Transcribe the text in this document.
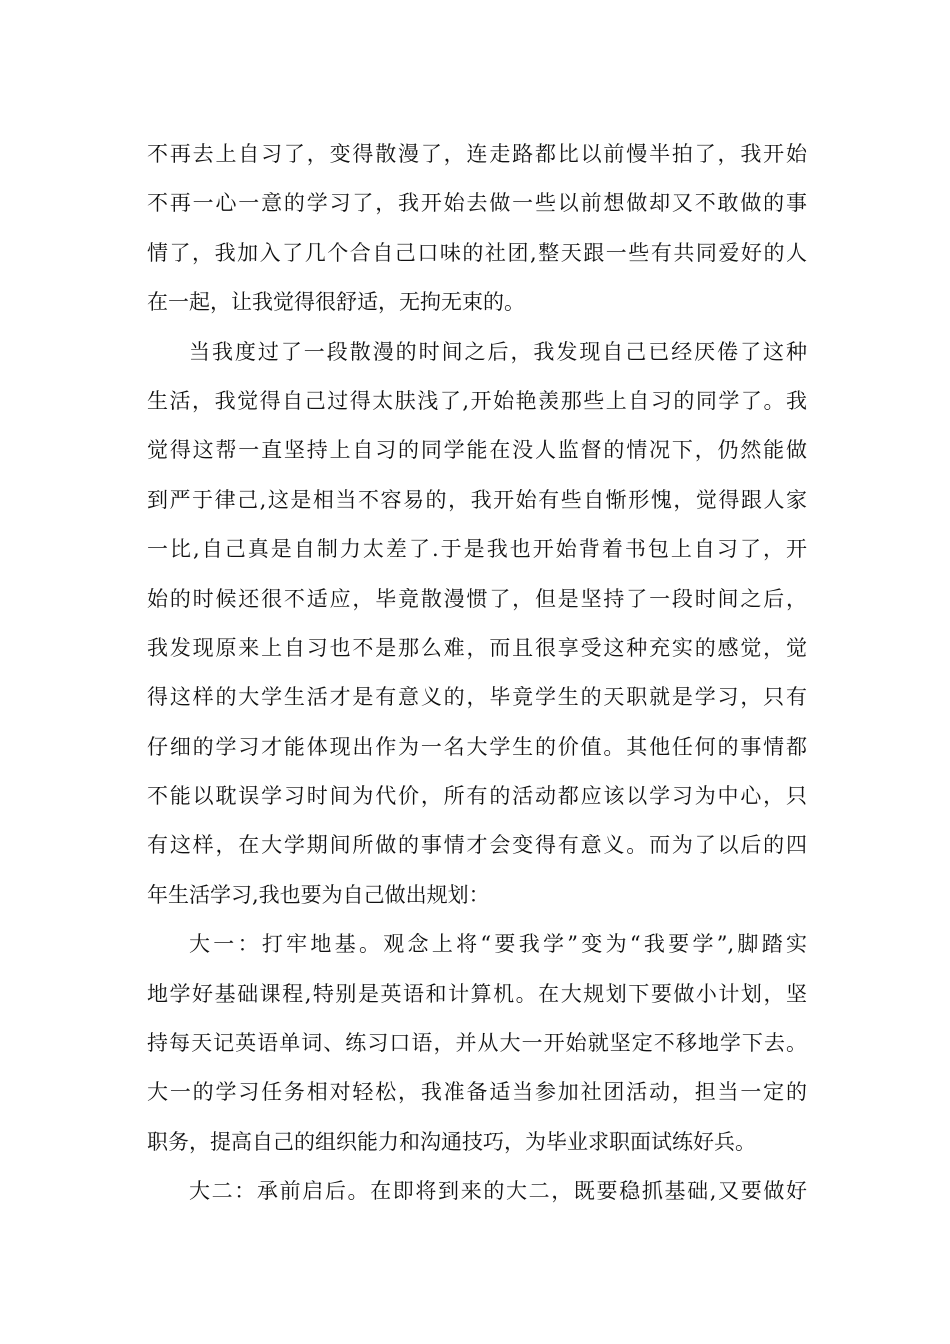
不再去上自习了，变得散漫了，连走路都比以前慢半拍了，我开始
不再一心一意的学习了，我开始去做一些以前想做却又不敢做的事
情了，我加入了几个合自己口味的社团,整天跟一些有共同爱好的人
在一起，让我觉得很舒适，无拘无束的。
当我度过了一段散漫的时间之后，我发现自己已经厌倦了这种
生活，我觉得自己过得太肤浅了,开始艳羡那些上自习的同学了。我
觉得这帮一直坚持上自习的同学能在没人监督的情况下，仍然能做
到严于律己,这是相当不容易的，我开始有些自惭形愧，觉得跟人家
一比,自己真是自制力太差了.于是我也开始背着书包上自习了，开
始的时候还很不适应，毕竟散漫惯了，但是坚持了一段时间之后，
我发现原来上自习也不是那么难，而且很享受这种充实的感觉，觉
得这样的大学生活才是有意义的，毕竟学生的天职就是学习，只有
仔细的学习才能体现出作为一名大学生的价值。其他任何的事情都
不能以耽误学习时间为代价，所有的活动都应该以学习为中心，只
有这样，在大学期间所做的事情才会变得有意义。而为了以后的四
年生活学习,我也要为自己做出规划：
大一：打牢地基。观念上将“要我学”变为“我要学”,脚踏实
地学好基础课程,特别是英语和计算机。在大规划下要做小计划，坚
持每天记英语单词、练习口语，并从大一开始就坚定不移地学下去。
大一的学习任务相对轻松，我准备适当参加社团活动，担当一定的
职务，提高自己的组织能力和沟通技巧，为毕业求职面试练好兵。
大二：承前启后。在即将到来的大二，既要稳抓基础,又要做好
